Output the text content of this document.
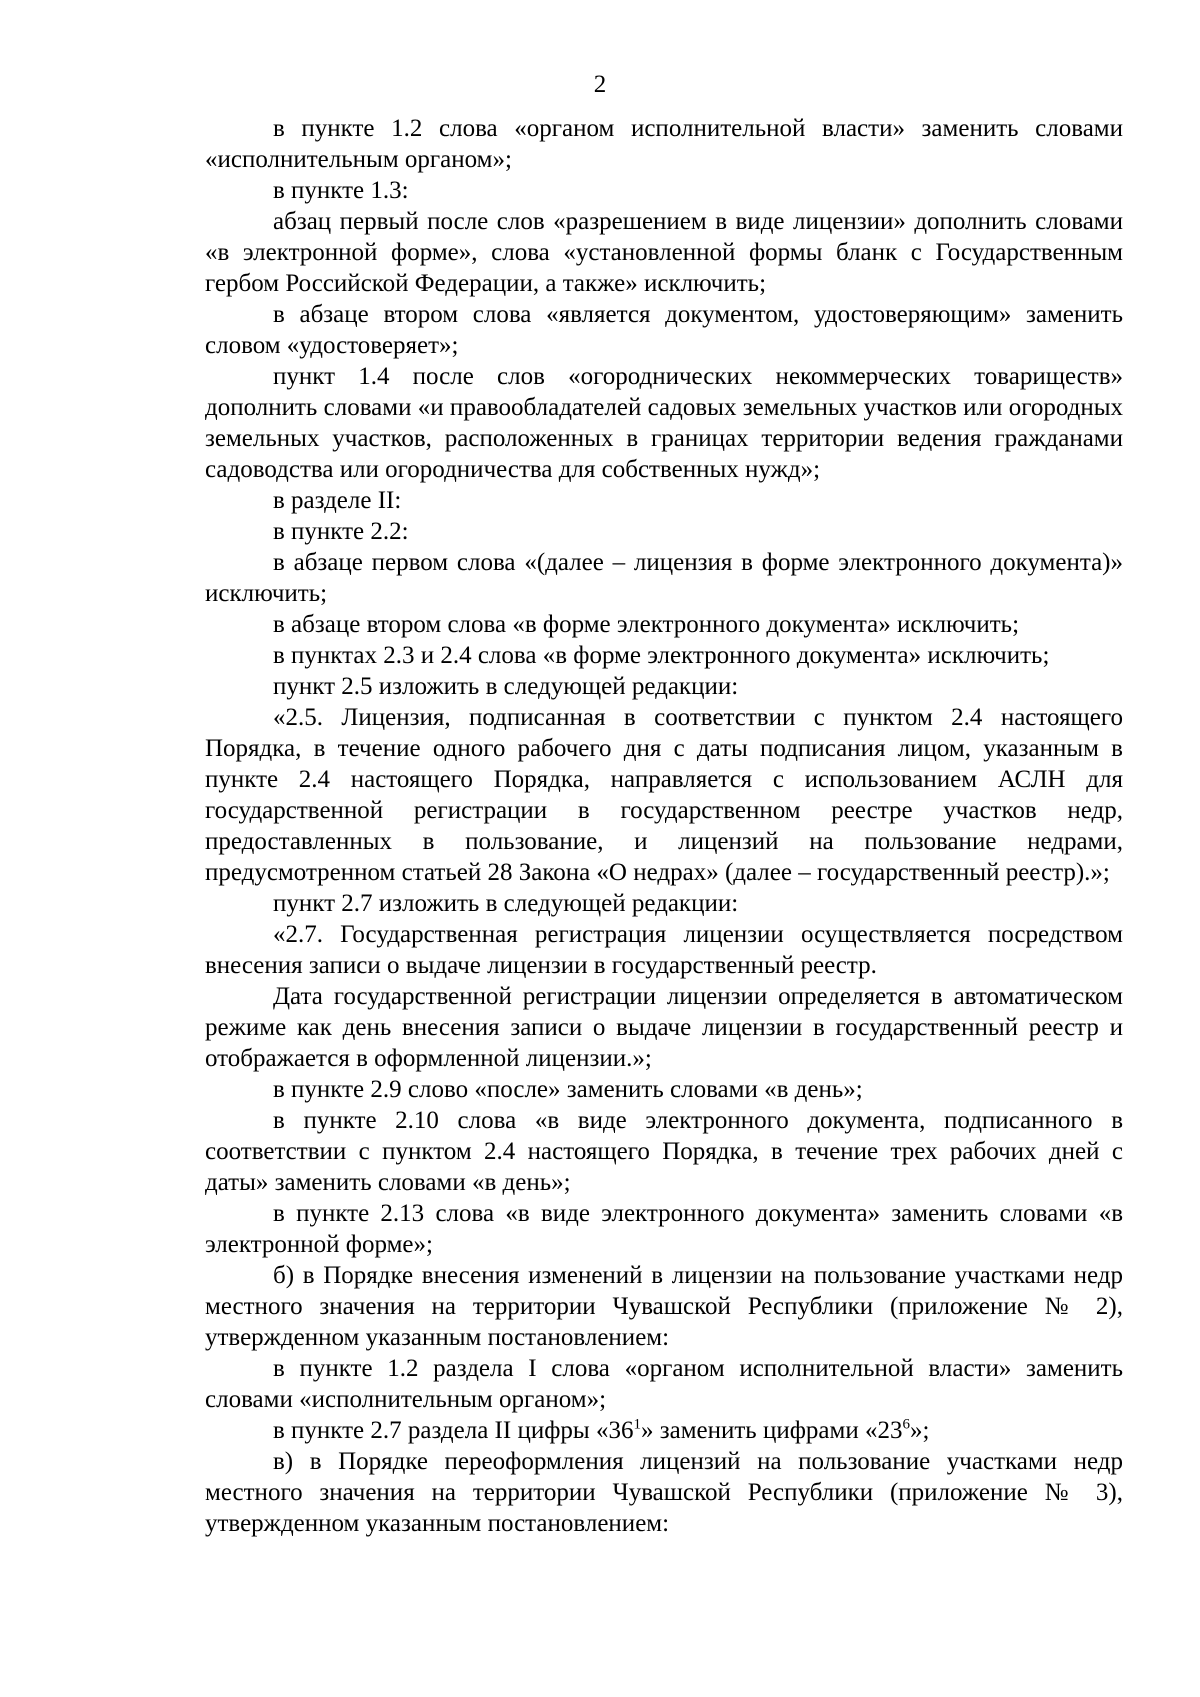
2

в пункте 1.2 слова «органом исполнительной власти» заменить словами «исполнительным органом»;

в пункте 1.3:

абзац первый после слов «разрешением в виде лицензии» дополнить словами «в электронной форме», слова «установленной формы бланк с Государственным гербом Российской Федерации, а также» исключить;

в абзаце втором слова «является документом, удостоверяющим» заменить словом «удостоверяет»;

пункт 1.4 после слов «огороднических некоммерческих товариществ» дополнить словами «и правообладателей садовых земельных участков или огородных земельных участков, расположенных в границах территории ведения гражданами садоводства или огородничества для собственных нужд»;

в разделе II:

в пункте 2.2:

в абзаце первом слова «(далее – лицензия в форме электронного документа)» исключить;

в абзаце втором слова «в форме электронного документа» исключить;

в пунктах 2.3 и 2.4 слова «в форме электронного документа» исключить;

пункт 2.5 изложить в следующей редакции:

«2.5. Лицензия, подписанная в соответствии с пунктом 2.4 настоящего Порядка, в течение одного рабочего дня с даты подписания лицом, указанным в пункте 2.4 настоящего Порядка, направляется с использованием АСЛН для государственной регистрации в государственном реестре участков недр, предоставленных в пользование, и лицензий на пользование недрами, предусмотренном статьей 28 Закона «О недрах» (далее – государственный реестр).»;

пункт 2.7 изложить в следующей редакции:

«2.7. Государственная регистрация лицензии осуществляется посредством внесения записи о выдаче лицензии в государственный реестр.

Дата государственной регистрации лицензии определяется в автоматическом режиме как день внесения записи о выдаче лицензии в государственный реестр и отображается в оформленной лицензии.»;

в пункте 2.9 слово «после» заменить словами «в день»;

в пункте 2.10 слова «в виде электронного документа, подписанного в соответствии с пунктом 2.4 настоящего Порядка, в течение трех рабочих дней с даты» заменить словами «в день»;

в пункте 2.13 слова «в виде электронного документа» заменить словами «в электронной форме»;

б) в Порядке внесения изменений в лицензии на пользование участками недр местного значения на территории Чувашской Республики (приложение № 2), утвержденном указанным постановлением:

в пункте 1.2 раздела I слова «органом исполнительной власти» заменить словами «исполнительным органом»;

в пункте 2.7 раздела II цифры «$36^1$» заменить цифрами «$23^6$»;

в) в Порядке переоформления лицензий на пользование участками недр местного значения на территории Чувашской Республики (приложение № 3), утвержденном указанным постановлением:
